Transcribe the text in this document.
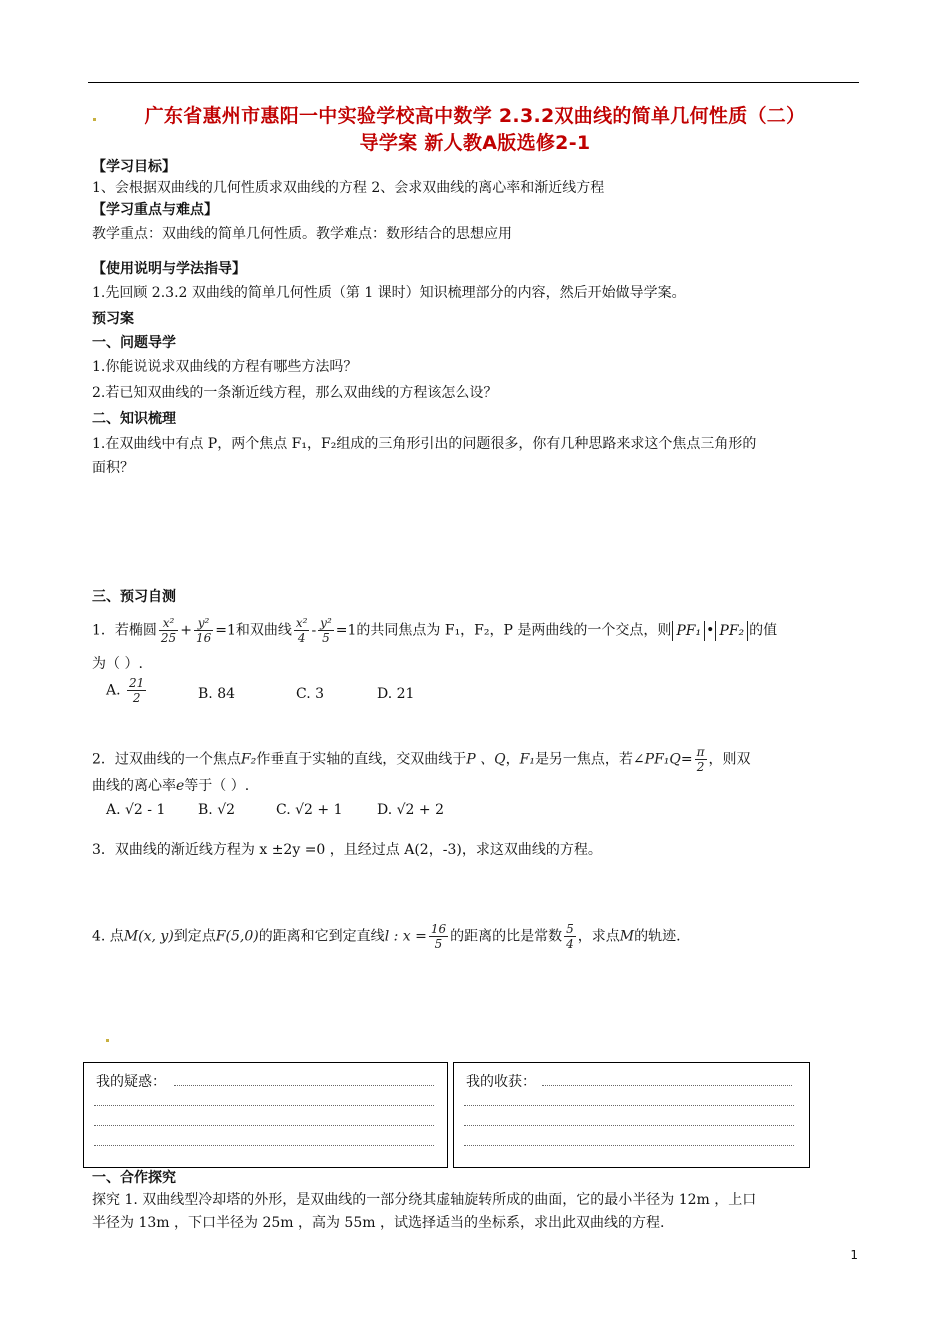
广东省惠州市惠阳一中实验学校高中数学 2.3.2双曲线的简单几何性质（二）
导学案 新人教A版选修2-1
【学习目标】
1、会根据双曲线的几何性质求双曲线的方程 2、会求双曲线的离心率和渐近线方程
【学习重点与难点】
教学重点：双曲线的简单几何性质。教学难点：数形结合的思想应用
【使用说明与学法指导】
1.先回顾 2.3.2 双曲线的简单几何性质（第 1 课时）知识梳理部分的内容，然后开始做导学案。
预习案
一、问题导学
1.你能说说求双曲线的方程有哪些方法吗？
2.若已知双曲线的一条渐近线方程，那么双曲线的方程该怎么设？
二、知识梳理
1.在双曲线中有点 P，两个焦点 F₁，F₂组成的三角形引出的问题很多，你有几种思路来求这个焦点三角形的
面积？
三、预习自测
1．若椭圆 $\frac{\text{x²}}{25} + \frac{\text{y²}}{16} =1$和双曲线 $\frac{\text{x²}}{4} - \frac{\text{y²}}{5} =1$的共同焦点为 F₁，F₂，P 是两曲线的一个交点，则 PF₁ • PF₂ 的值
为（ ）.
A. $\frac{21}{2}$	B. 84	C. 3	D. 21
2．过双曲线的一个焦点F₂作垂直于实轴的直线，交双曲线于P 、Q，F₁是另一焦点，若∠PF₁Q= $\frac{\pi}{2}$ ，则双
曲线的离心率e等于（ ）.
A. √2 - 1 B. √2	C. √2 + 1 D. √2 + 2
3．双曲线的渐近线方程为 x ±2y =0 ，且经过点 A(2，-3)，求这双曲线的方程。
4. 点M(x, y)到定点F(5,0)的距离和它到定直线l : $x = \frac{16}{5}$ 的距离的比是常数 $\frac{5}{4}$ ，求点M的轨迹.
我的疑惑：	我的收获：
一、合作探究
探究 1. 双曲线型冷却塔的外形，是双曲线的一部分绕其虚轴旋转所成的曲面，它的最小半径为 12m ，上口
半径为 13m ，下口半径为 25m ，高为 55m ，试选择适当的坐标系，求出此双曲线的方程.
1
